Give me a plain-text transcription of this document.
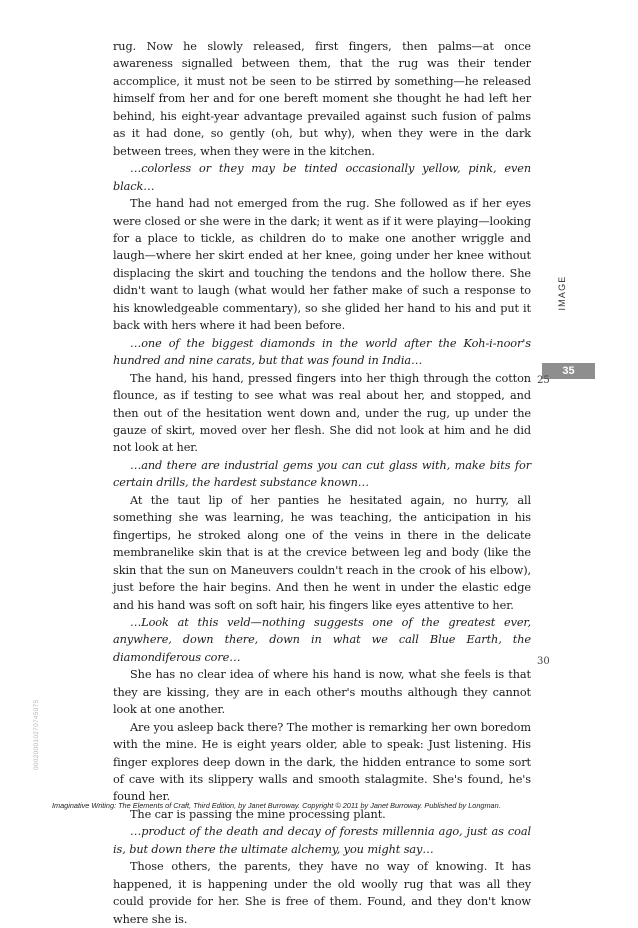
rug. Now he slowly released, first fingers, then palms—at once awareness signalled between them, that the rug was their tender accomplice, it must not be seen to be stirred by something—he released himself from her and for one bereft moment she thought he had left her behind, his eight-year advantage prevailed against such fusion of palms as it had done, so gently (oh, but why), when they were in the dark between trees, when they were in the kitchen.

…colorless or they may be tinted occasionally yellow, pink, even black…

The hand had not emerged from the rug. She followed as if her eyes were closed or she were in the dark; it went as if it were playing—looking for a place to tickle, as children do to make one another wriggle and laugh—where her skirt ended at her knee, going under her knee without displacing the skirt and touching the tendons and the hollow there. She didn't want to laugh (what would her father make of such a response to his knowledgeable commentary), so she glided her hand to his and put it back with hers where it had been before.

…one of the biggest diamonds in the world after the Koh-i-noor's hundred and nine carats, but that was found in India…

The hand, his hand, pressed fingers into her thigh through the cotton flounce, as if testing to see what was real about her, and stopped, and then out of the hesitation went down and, under the rug, up under the gauze of skirt, moved over her flesh. She did not look at him and he did not look at her.

…and there are industrial gems you can cut glass with, make bits for certain drills, the hardest substance known…

At the taut lip of her panties he hesitated again, no hurry, all something she was learning, he was teaching, the anticipation in his fingertips, he stroked along one of the veins in there in the delicate membranelike skin that is at the crevice between leg and body (like the skin that the sun on Maneuvers couldn't reach in the crook of his elbow), just before the hair begins. And then he went in under the elastic edge and his hand was soft on soft hair, his fingers like eyes attentive to her.

…Look at this veld—nothing suggests one of the greatest ever, anywhere, down there, down in what we call Blue Earth, the diamondiferous core…

She has no clear idea of where his hand is now, what she feels is that they are kissing, they are in each other's mouths although they cannot look at one another.

Are you asleep back there? The mother is remarking her own boredom with the mine. He is eight years older, able to speak: Just listening. His finger explores deep down in the dark, the hidden entrance to some sort of cave with its slippery walls and smooth stalagmite. She's found, he's found her.

The car is passing the mine processing plant.

…product of the death and decay of forests millennia ago, just as coal is, but down there the ultimate alchemy, you might say…

Those others, the parents, they have no way of knowing. It has happened, it is happening under the old woolly rug that was all they could provide for her. She is free of them. Found, and they don't know where she is.

IMAGE
35
25
30
000200010270745075
Imaginative Writing: The Elements of Craft, Third Edition, by Janet Burroway. Copyright © 2011 by Janet Burroway. Published by Longman.
